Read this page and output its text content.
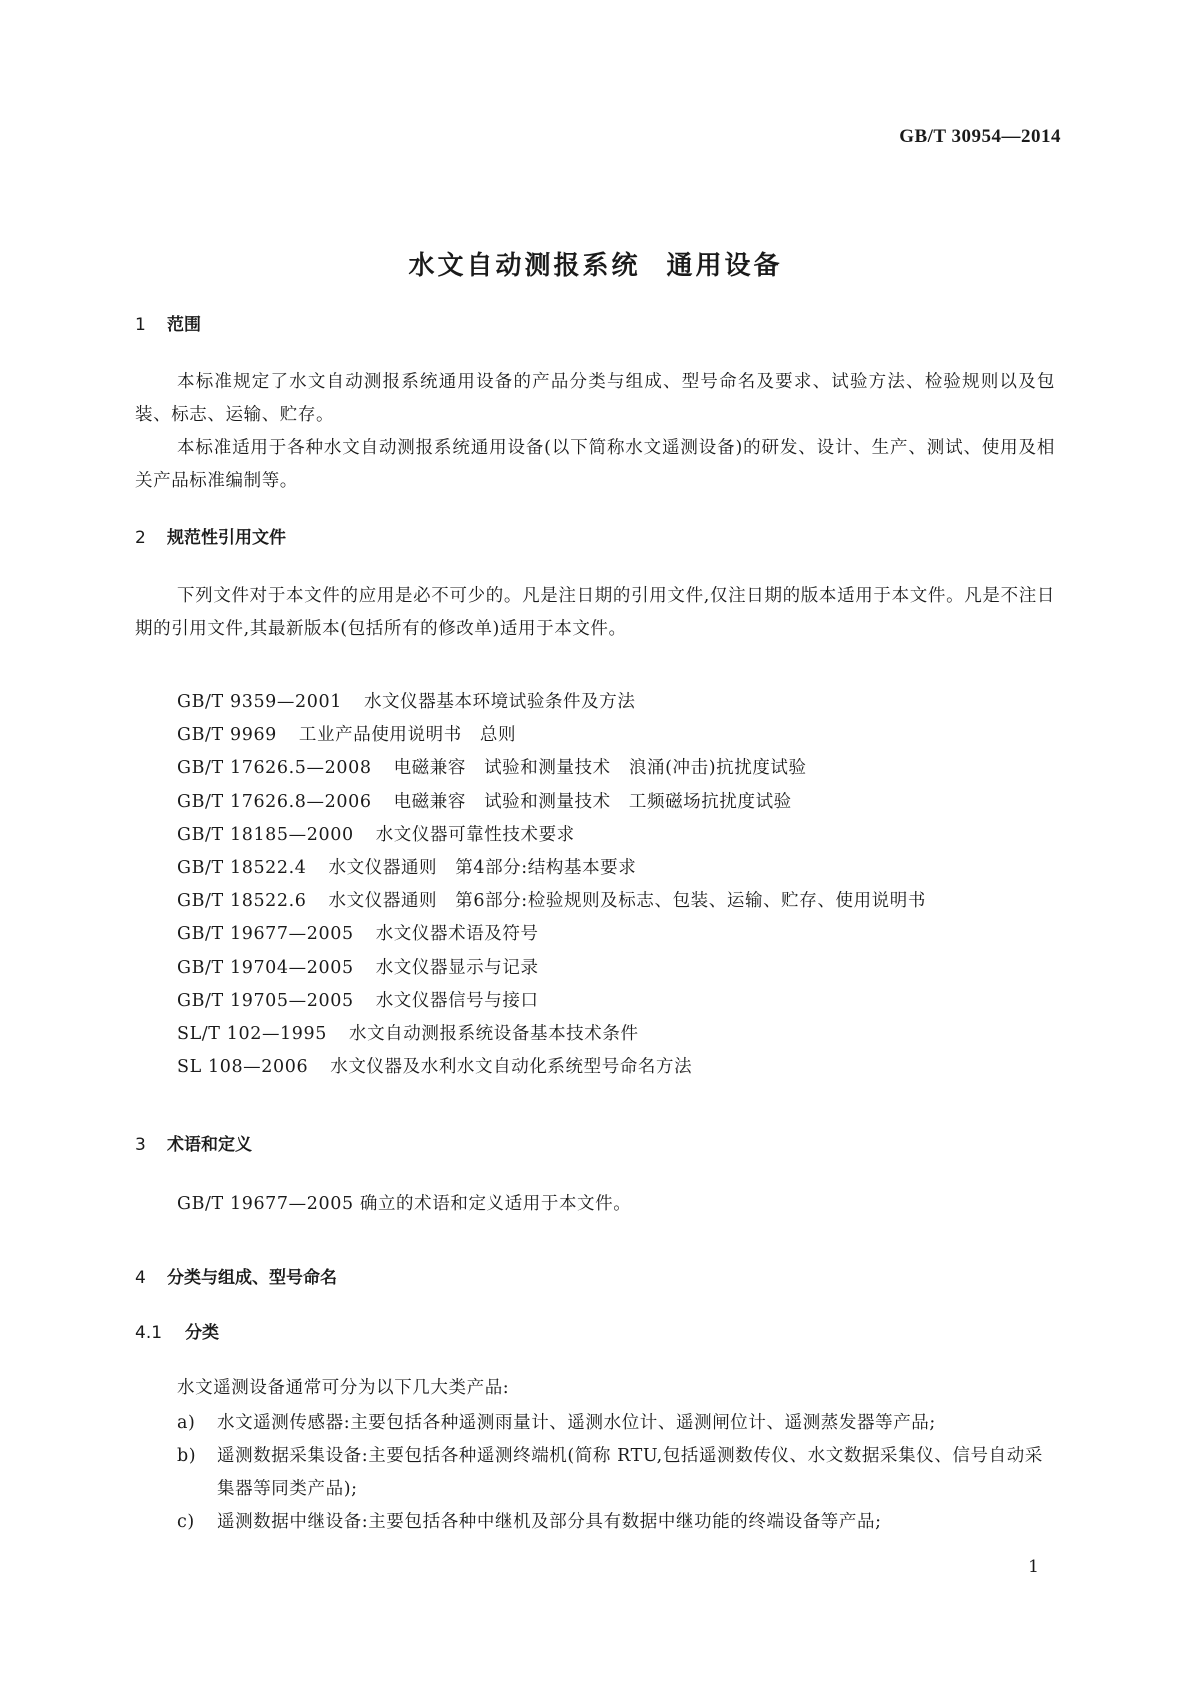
GB/T 30954—2014
水文自动测报系统 通用设备
1 范围

本标准规定了水文自动测报系统通用设备的产品分类与组成、型号命名及要求、试验方法、检验规则以及包装、标志、运输、贮存。

本标准适用于各种水文自动测报系统通用设备(以下简称水文遥测设备)的研发、设计、生产、测试、使用及相关产品标准编制等。

2 规范性引用文件

下列文件对于本文件的应用是必不可少的。凡是注日期的引用文件,仅注日期的版本适用于本文件。凡是不注日期的引用文件,其最新版本(包括所有的修改单)适用于本文件。

GB/T 9359—2001 水文仪器基本环境试验条件及方法
GB/T 9969 工业产品使用说明书　总则
GB/T 17626.5—2008 电磁兼容　试验和测量技术　浪涌(冲击)抗扰度试验
GB/T 17626.8—2006 电磁兼容　试验和测量技术　工频磁场抗扰度试验
GB/T 18185—2000 水文仪器可靠性技术要求
GB/T 18522.4 水文仪器通则　第4部分:结构基本要求
GB/T 18522.6 水文仪器通则　第6部分:检验规则及标志、包装、运输、贮存、使用说明书
GB/T 19677—2005 水文仪器术语及符号
GB/T 19704—2005 水文仪器显示与记录
GB/T 19705—2005 水文仪器信号与接口
SL/T 102—1995 水文自动测报系统设备基本技术条件
SL 108—2006 水文仪器及水利水文自动化系统型号命名方法
3 术语和定义

GB/T 19677—2005 确立的术语和定义适用于本文件。

4 分类与组成、型号命名
4.1 分类

水文遥测设备通常可分为以下几大类产品:

a) 水文遥测传感器:主要包括各种遥测雨量计、遥测水位计、遥测闸位计、遥测蒸发器等产品;
b) 遥测数据采集设备:主要包括各种遥测终端机(简称 RTU,包括遥测数传仪、水文数据采集仪、信号自动采集器等同类产品);
c) 遥测数据中继设备:主要包括各种中继机及部分具有数据中继功能的终端设备等产品;
1
